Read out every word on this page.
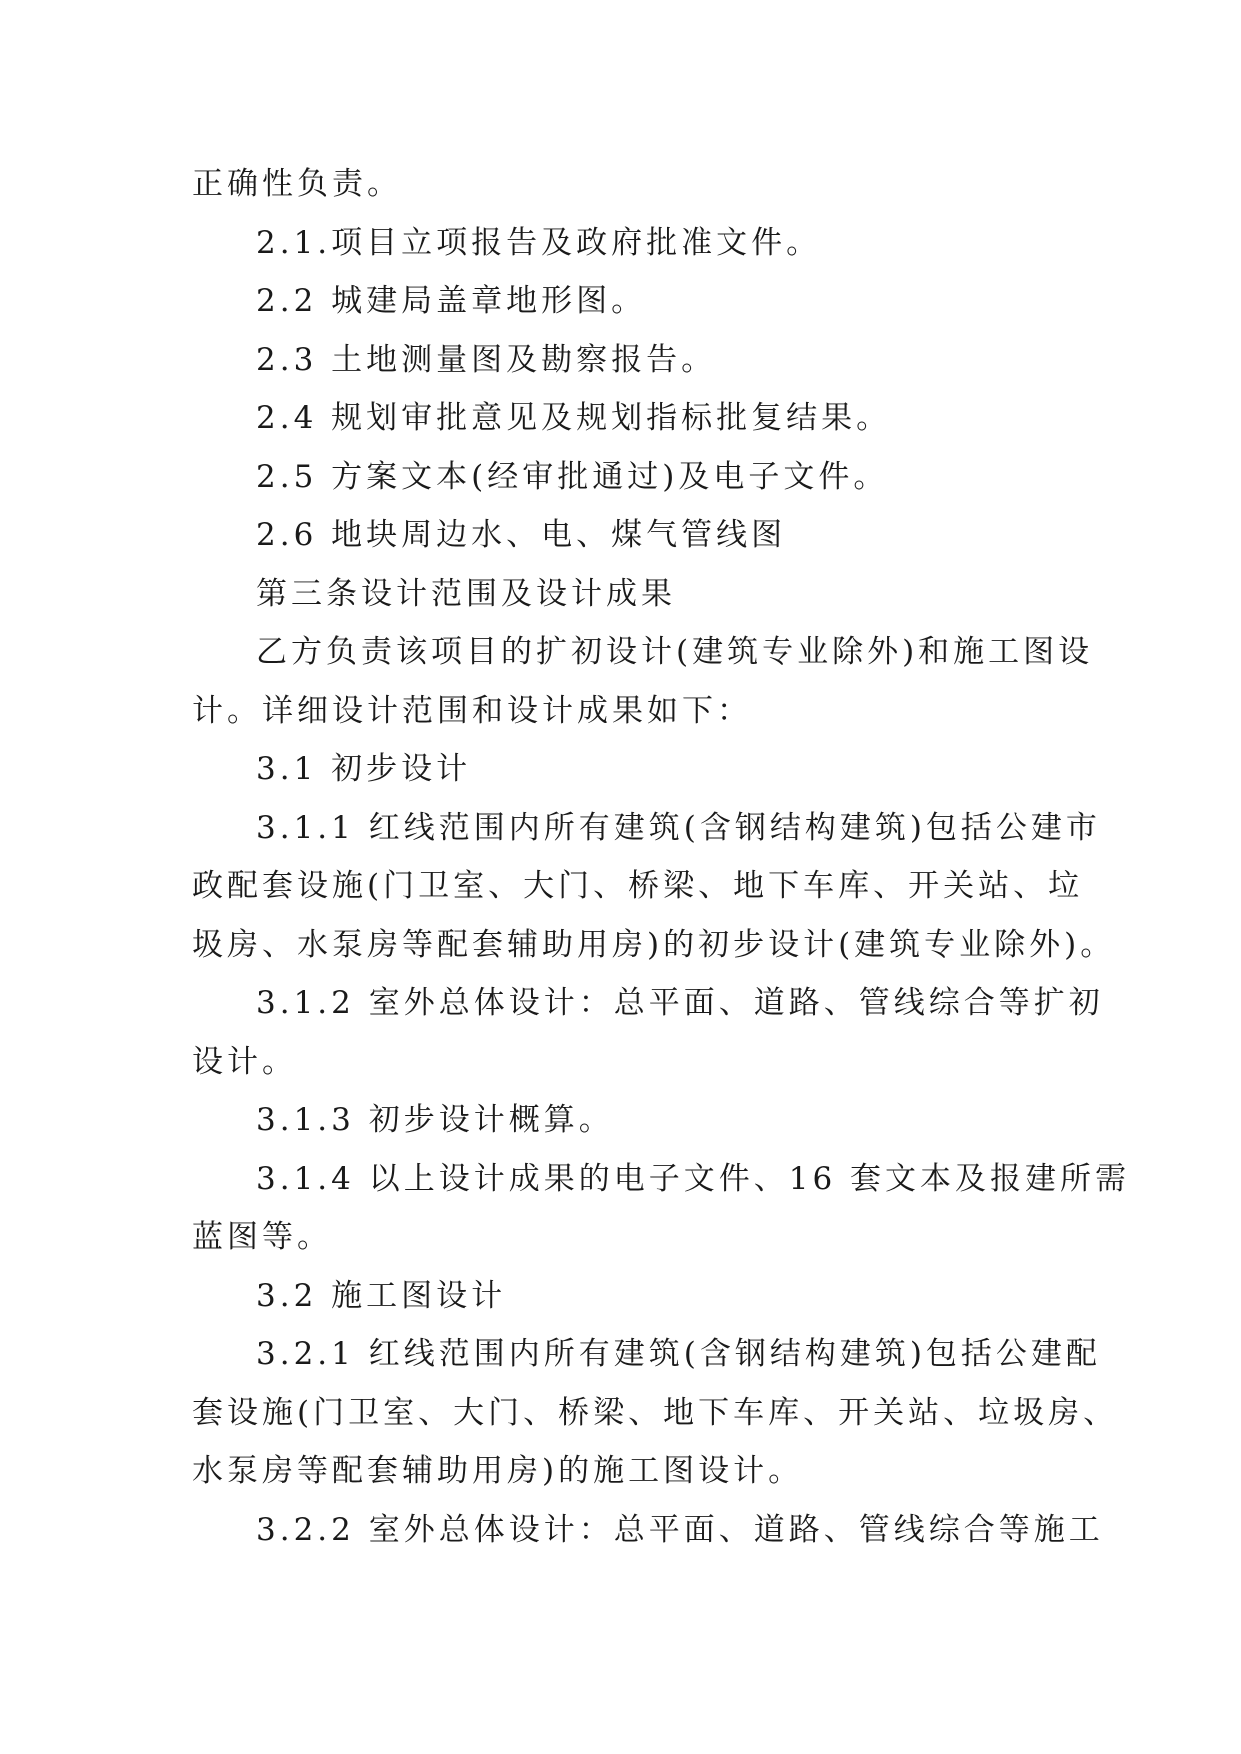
正确性负责。
2.1.项目立项报告及政府批准文件。
2.2 城建局盖章地形图。
2.3 土地测量图及勘察报告。
2.4 规划审批意见及规划指标批复结果。
2.5 方案文本(经审批通过)及电子文件。
2.6 地块周边水、电、煤气管线图
第三条设计范围及设计成果
乙方负责该项目的扩初设计(建筑专业除外)和施工图设
计。详细设计范围和设计成果如下：
3.1 初步设计
3.1.1 红线范围内所有建筑(含钢结构建筑)包括公建市
政配套设施(门卫室、大门、桥梁、地下车库、开关站、垃
圾房、水泵房等配套辅助用房)的初步设计(建筑专业除外)。
3.1.2 室外总体设计：总平面、道路、管线综合等扩初
设计。
3.1.3 初步设计概算。
3.1.4 以上设计成果的电子文件、16 套文本及报建所需
蓝图等。
3.2 施工图设计
3.2.1 红线范围内所有建筑(含钢结构建筑)包括公建配
套设施(门卫室、大门、桥梁、地下车库、开关站、垃圾房、
水泵房等配套辅助用房)的施工图设计。
3.2.2 室外总体设计：总平面、道路、管线综合等施工
